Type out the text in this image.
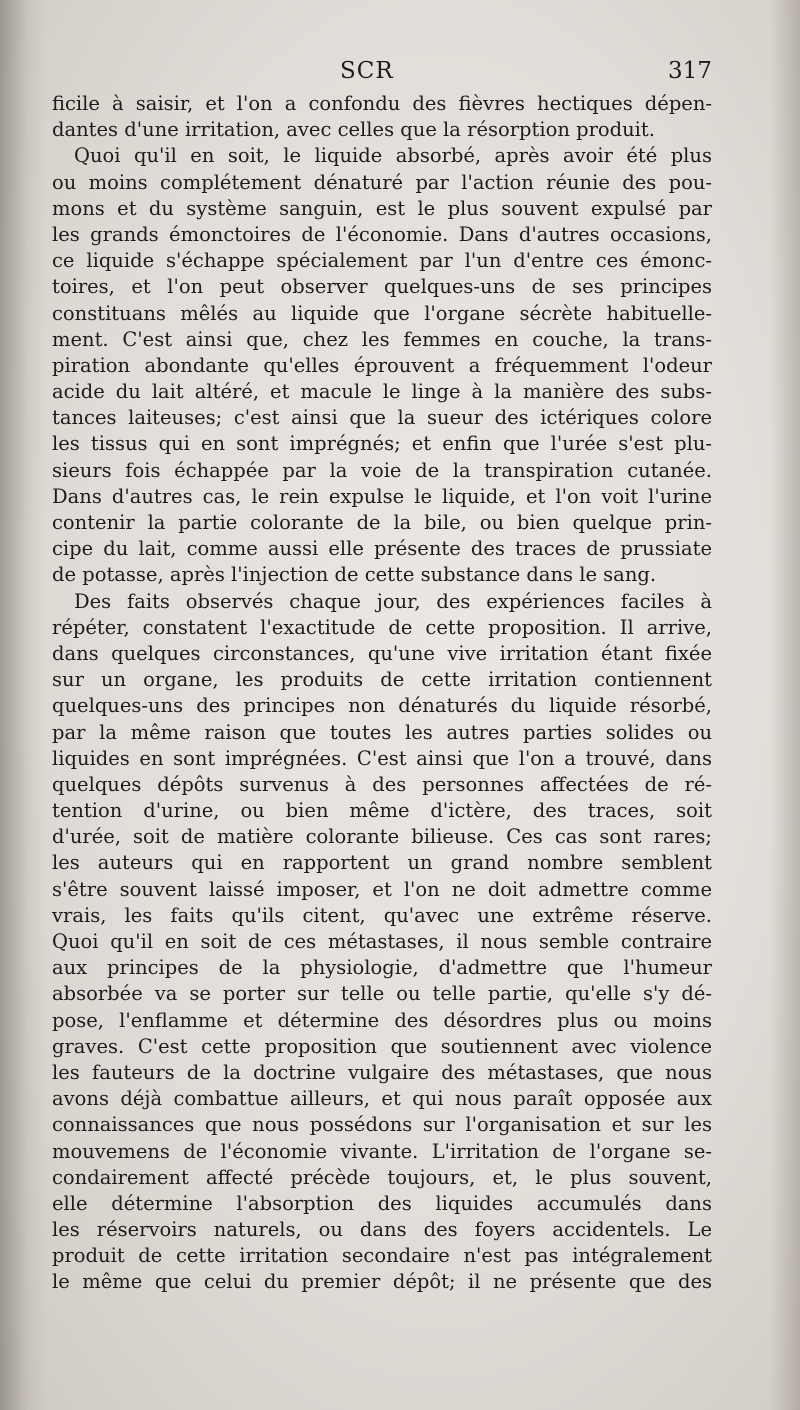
SCR	317
ficile à saisir, et l'on a confondu des fièvres hectiques dépen-
dantes d'une irritation, avec celles que la résorption produit.
Quoi qu'il en soit, le liquide absorbé, après avoir été plus
ou moins complétement dénaturé par l'action réunie des pou-
mons et du système sanguin, est le plus souvent expulsé par
les grands émonctoires de l'économie. Dans d'autres occasions,
ce liquide s'échappe spécialement par l'un d'entre ces émonc-
toires, et l'on peut observer quelques-uns de ses principes
constituans mêlés au liquide que l'organe sécrète habituelle-
ment. C'est ainsi que, chez les femmes en couche, la trans-
piration abondante qu'elles éprouvent a fréquemment l'odeur
acide du lait altéré, et macule le linge à la manière des subs-
tances laiteuses; c'est ainsi que la sueur des ictériques colore
les tissus qui en sont imprégnés; et enfin que l'urée s'est plu-
sieurs fois échappée par la voie de la transpiration cutanée.
Dans d'autres cas, le rein expulse le liquide, et l'on voit l'urine
contenir la partie colorante de la bile, ou bien quelque prin-
cipe du lait, comme aussi elle présente des traces de prussiate
de potasse, après l'injection de cette substance dans le sang.
Des faits observés chaque jour, des expériences faciles à
répéter, constatent l'exactitude de cette proposition. Il arrive,
dans quelques circonstances, qu'une vive irritation étant fixée
sur un organe, les produits de cette irritation contiennent
quelques-uns des principes non dénaturés du liquide résorbé,
par la même raison que toutes les autres parties solides ou
liquides en sont imprégnées. C'est ainsi que l'on a trouvé, dans
quelques dépôts survenus à des personnes affectées de ré-
tention d'urine, ou bien même d'ictère, des traces, soit
d'urée, soit de matière colorante bilieuse. Ces cas sont rares;
les auteurs qui en rapportent un grand nombre semblent
s'être souvent laissé imposer, et l'on ne doit admettre comme
vrais, les faits qu'ils citent, qu'avec une extrême réserve.
Quoi qu'il en soit de ces métastases, il nous semble contraire
aux principes de la physiologie, d'admettre que l'humeur
absorbée va se porter sur telle ou telle partie, qu'elle s'y dé-
pose, l'enflamme et détermine des désordres plus ou moins
graves. C'est cette proposition que soutiennent avec violence
les fauteurs de la doctrine vulgaire des métastases, que nous
avons déjà combattue ailleurs, et qui nous paraît opposée aux
connaissances que nous possédons sur l'organisation et sur les
mouvemens de l'économie vivante. L'irritation de l'organe se-
condairement affecté précède toujours, et, le plus souvent,
elle détermine l'absorption des liquides accumulés dans
les réservoirs naturels, ou dans des foyers accidentels. Le
produit de cette irritation secondaire n'est pas intégralement
le même que celui du premier dépôt; il ne présente que des
